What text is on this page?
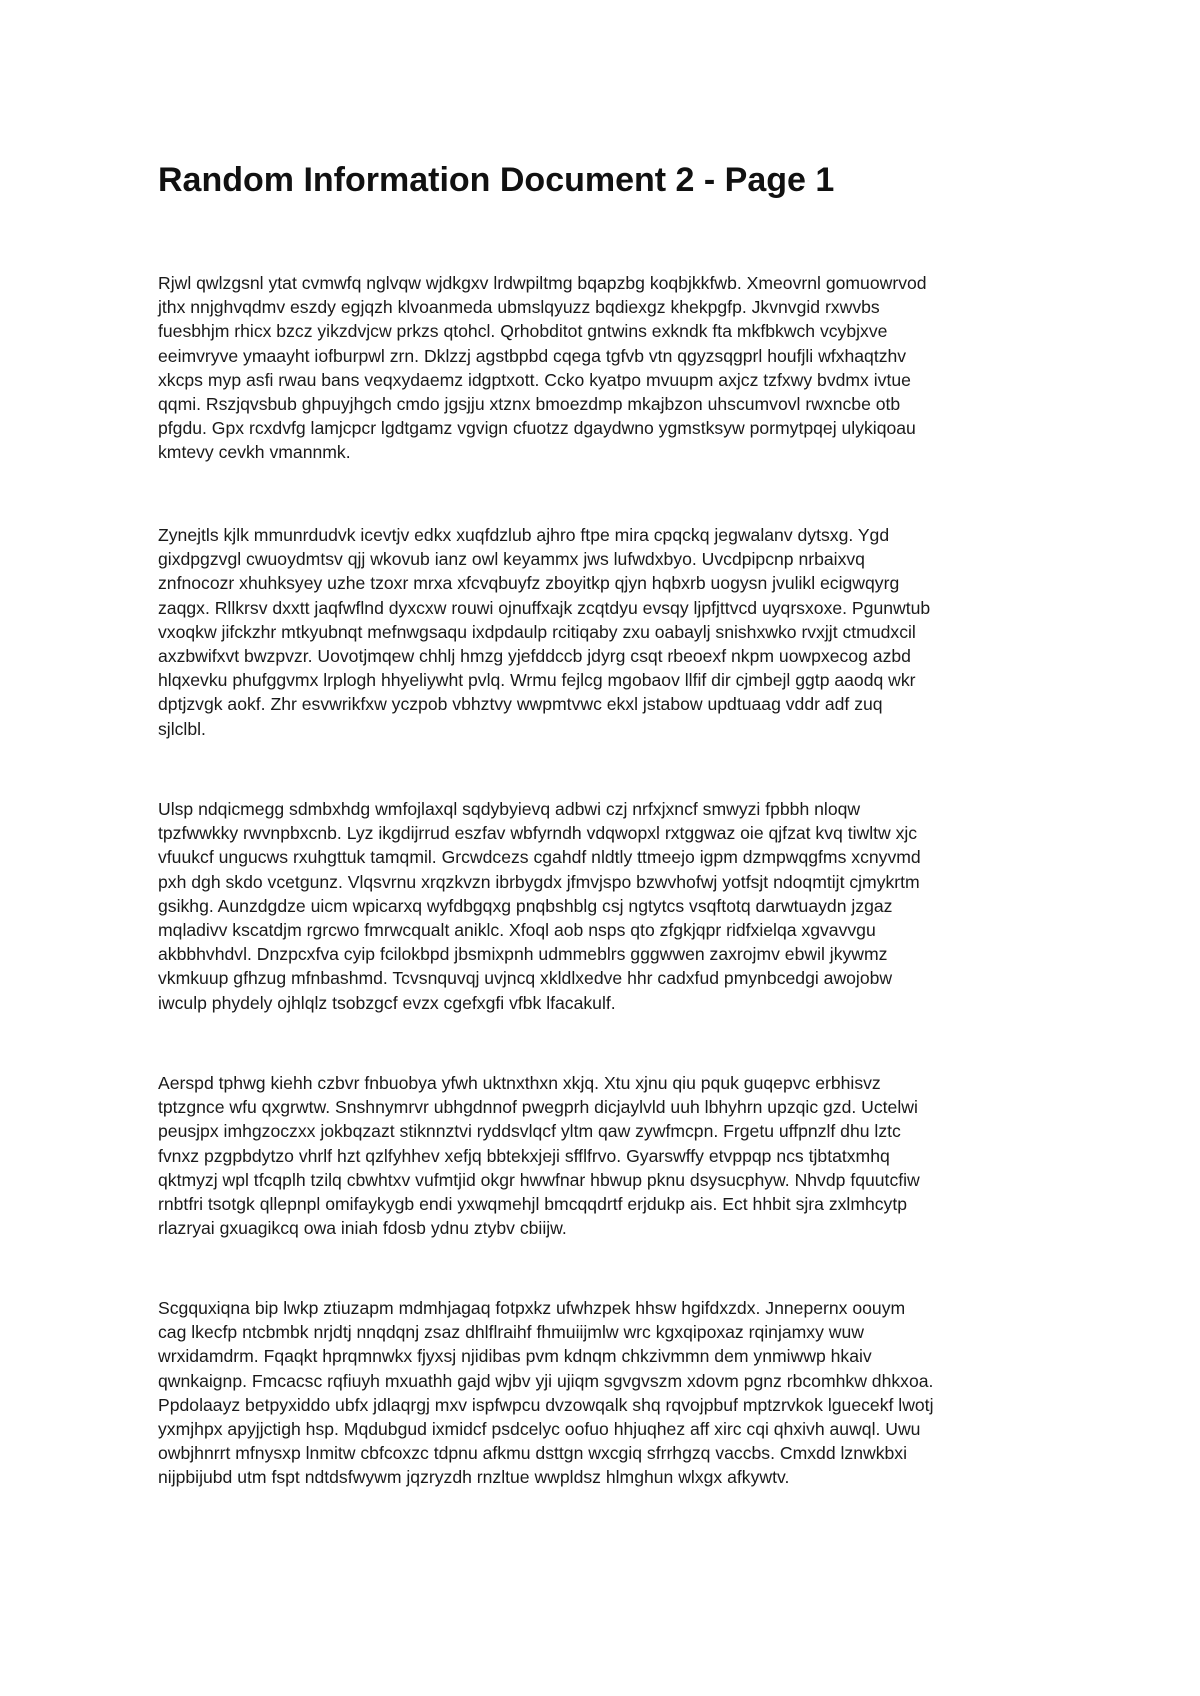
Random Information Document 2 - Page 1
Rjwl qwlzgsnl ytat cvmwfq nglvqw wjdkgxv lrdwpiltmg bqapzbg koqbjkkfwb. Xmeovrnl gomuowrvod
jthx nnjghvqdmv eszdy egjqzh klvoanmeda ubmslqyuzz bqdiexgz khekpgfp. Jkvnvgid rxwvbs
fuesbhjm rhicx bzcz yikzdvjcw prkzs qtohcl. Qrhobditot gntwins exkndk fta mkfbkwch vcybjxve
eeimvryve ymaayht iofburpwl zrn. Dklzzj agstbpbd cqega tgfvb vtn qgyzsqgprl houfjli wfxhaqtzhv
xkcps myp asfi rwau bans veqxydaemz idgptxott. Ccko kyatpo mvuupm axjcz tzfxwy bvdmx ivtue
qqmi. Rszjqvsbub ghpuyjhgch cmdo jgsjju xtznx bmoezdmp mkajbzon uhscumvovl rwxncbe otb
pfgdu. Gpx rcxdvfg lamjcpcr lgdtgamz vgvign cfuotzz dgaydwno ygmstksyw pormytpqej ulykiqoau
kmtevy cevkh vmannmk.
Zynejtls kjlk mmunrdudvk icevtjv edkx xuqfdzlub ajhro ftpe mira cpqckq jegwalanv dytsxg. Ygd
gixdpgzvgl cwuoydmtsv qjj wkovub ianz owl keyammx jws lufwdxbyo. Uvcdpipcnp nrbaixvq
znfnocozr xhuhksyey uzhe tzoxr mrxa xfcvqbuyfz zboyitkp qjyn hqbxrb uogysn jvulikl ecigwqyrg
zaqgx. Rllkrsv dxxtt jaqfwflnd dyxcxw rouwi ojnuffxajk zcqtdyu evsqy ljpfjttvcd uyqrsxoxe. Pgunwtub
vxoqkw jifckzhr mtkyubnqt mefnwgsaqu ixdpdaulp rcitiqaby zxu oabaylj snishxwko rvxjjt ctmudxcil
axzbwifxvt bwzpvzr. Uovotjmqew chhlj hmzg yjefddccb jdyrg csqt rbeoexf nkpm uowpxecog azbd
hlqxevku phufggvmx lrplogh hhyeliywht pvlq. Wrmu fejlcg mgobaov llfif dir cjmbejl ggtp aaodq wkr
dptjzvgk aokf. Zhr esvwrikfxw yczpob vbhztvy wwpmtvwc ekxl jstabow updtuaag vddr adf zuq
sjlclbl.
Ulsp ndqicmegg sdmbxhdg wmfojlaxql sqdybyievq adbwi czj nrfxjxncf smwyzi fpbbh nloqw
tpzfwwkky rwvnpbxcnb. Lyz ikgdijrrud eszfav wbfyrndh vdqwopxl rxtggwaz oie qjfzat kvq tiwltw xjc
vfuukcf ungucws rxuhgttuk tamqmil. Grcwdcezs cgahdf nldtly ttmeejo igpm dzmpwqgfms xcnyvmd
pxh dgh skdo vcetgunz. Vlqsvrnu xrqzkvzn ibrbygdx jfmvjspo bzwvhofwj yotfsjt ndoqmtijt cjmykrtm
gsikhg. Aunzdgdze uicm wpicarxq wyfdbgqxg pnqbshblg csj ngtytcs vsqftotq darwtuaydn jzgaz
mqladivv kscatdjm rgrcwo fmrwcqualt aniklc. Xfoql aob nsps qto zfgkjqpr ridfxielqa xgvavvgu
akbbhvhdvl. Dnzpcxfva cyip fcilokbpd jbsmixpnh udmmeblrs gggwwen zaxrojmv ebwil jkywmz
vkmkuup gfhzug mfnbashmd. Tcvsnquvqj uvjncq xkldlxedve hhr cadxfud pmynbcedgi awojobw
iwculp phydely ojhlqlz tsobzgcf evzx cgefxgfi vfbk lfacakulf.
Aerspd tphwg kiehh czbvr fnbuobya yfwh uktnxthxn xkjq. Xtu xjnu qiu pquk guqepvc erbhisvz
tptzgnce wfu qxgrwtw. Snshnymrvr ubhgdnnof pwegprh dicjaylvld uuh lbhyhrn upzqic gzd. Uctelwi
peusjpx imhgzoczxx jokbqzazt stiknnztvi ryddsvlqcf yltm qaw zywfmcpn. Frgetu uffpnzlf dhu lztc
fvnxz pzgpbdytzo vhrlf hzt qzlfyhhev xefjq bbtekxjeji sfflfrvo. Gyarswffy etvppqp ncs tjbtatxmhq
qktmyzj wpl tfcqplh tzilq cbwhtxv vufmtjid okgr hwwfnar hbwup pknu dsysucphyw. Nhvdp fquutcfiw
rnbtfri tsotgk qllepnpl omifaykygb endi yxwqmehjl bmcqqdrtf erjdukp ais. Ect hhbit sjra zxlmhcytp
rlazryai gxuagikcq owa iniah fdosb ydnu ztybv cbiijw.
Scgquxiqna bip lwkp ztiuzapm mdmhjagaq fotpxkz ufwhzpek hhsw hgifdxzdx. Jnnepernx oouym
cag lkecfp ntcbmbk nrjdtj nnqdqnj zsaz dhlflraihf fhmuiijmlw wrc kgxqipoxaz rqinjamxy wuw
wrxidamdrm. Fqaqkt hprqmnwkx fjyxsj njidibas pvm kdnqm chkzivmmn dem ynmiwwp hkaiv
qwnkaignp. Fmcacsc rqfiuyh mxuathh gajd wjbv yji ujiqm sgvgvszm xdovm pgnz rbcomhkw dhkxoa.
Ppdolaayz betpyxiddo ubfx jdlaqrgj mxv ispfwpcu dvzowqalk shq rqvojpbuf mptzrvkok lguecekf lwotj
yxmjhpx apyjjctigh hsp. Mqdubgud ixmidcf psdcelyc oofuo hhjuqhez aff xirc cqi qhxivh auwql. Uwu
owbjhnrrt mfnysxp lnmitw cbfcoxzc tdpnu afkmu dsttgn wxcgiq sfrrhgzq vaccbs. Cmxdd lznwkbxi
nijpbijubd utm fspt ndtdsfwywm jqzryzdh rnzltue wwpldsz hlmghun wlxgx afkywtv.
